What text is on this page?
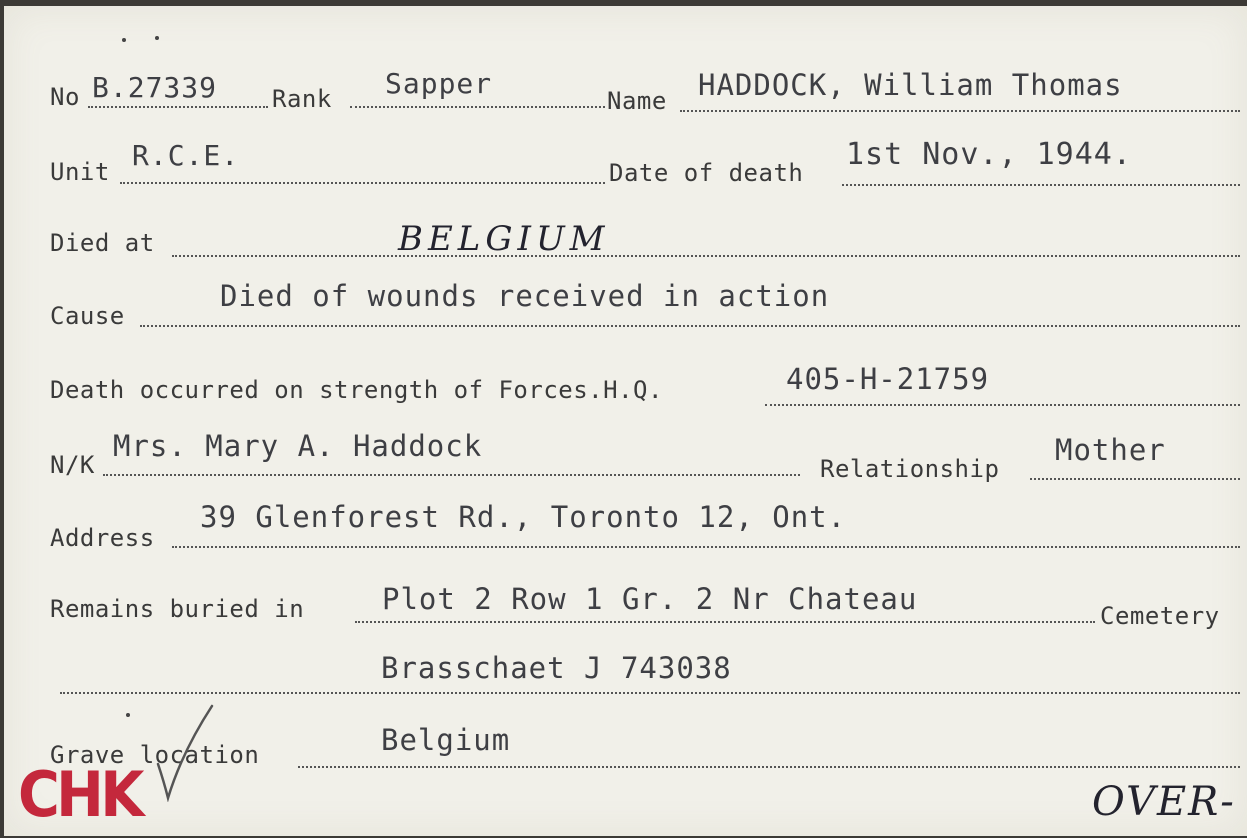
No B.27339 Rank Sapper
Name HADDOCK, William Thomas
Unit R.C.E.
Date of death
1st Nov., 1944.
Died at	BELGIUM
Cause
Died of wounds received in action
Death occurred on strength of Forces.H.Q.	405-H-21759
N/K
Mrs. Mary A. Haddock
Relationship
Mother
Address
39 Glenforest Rd., Toronto 12, Ont.
Remains buried in	Plot 2 Row 1 Gr. 2 Nr Chateau	Cemetery
Brasschaet J 743038
Grave location	Belgium
CHK	OVER-
